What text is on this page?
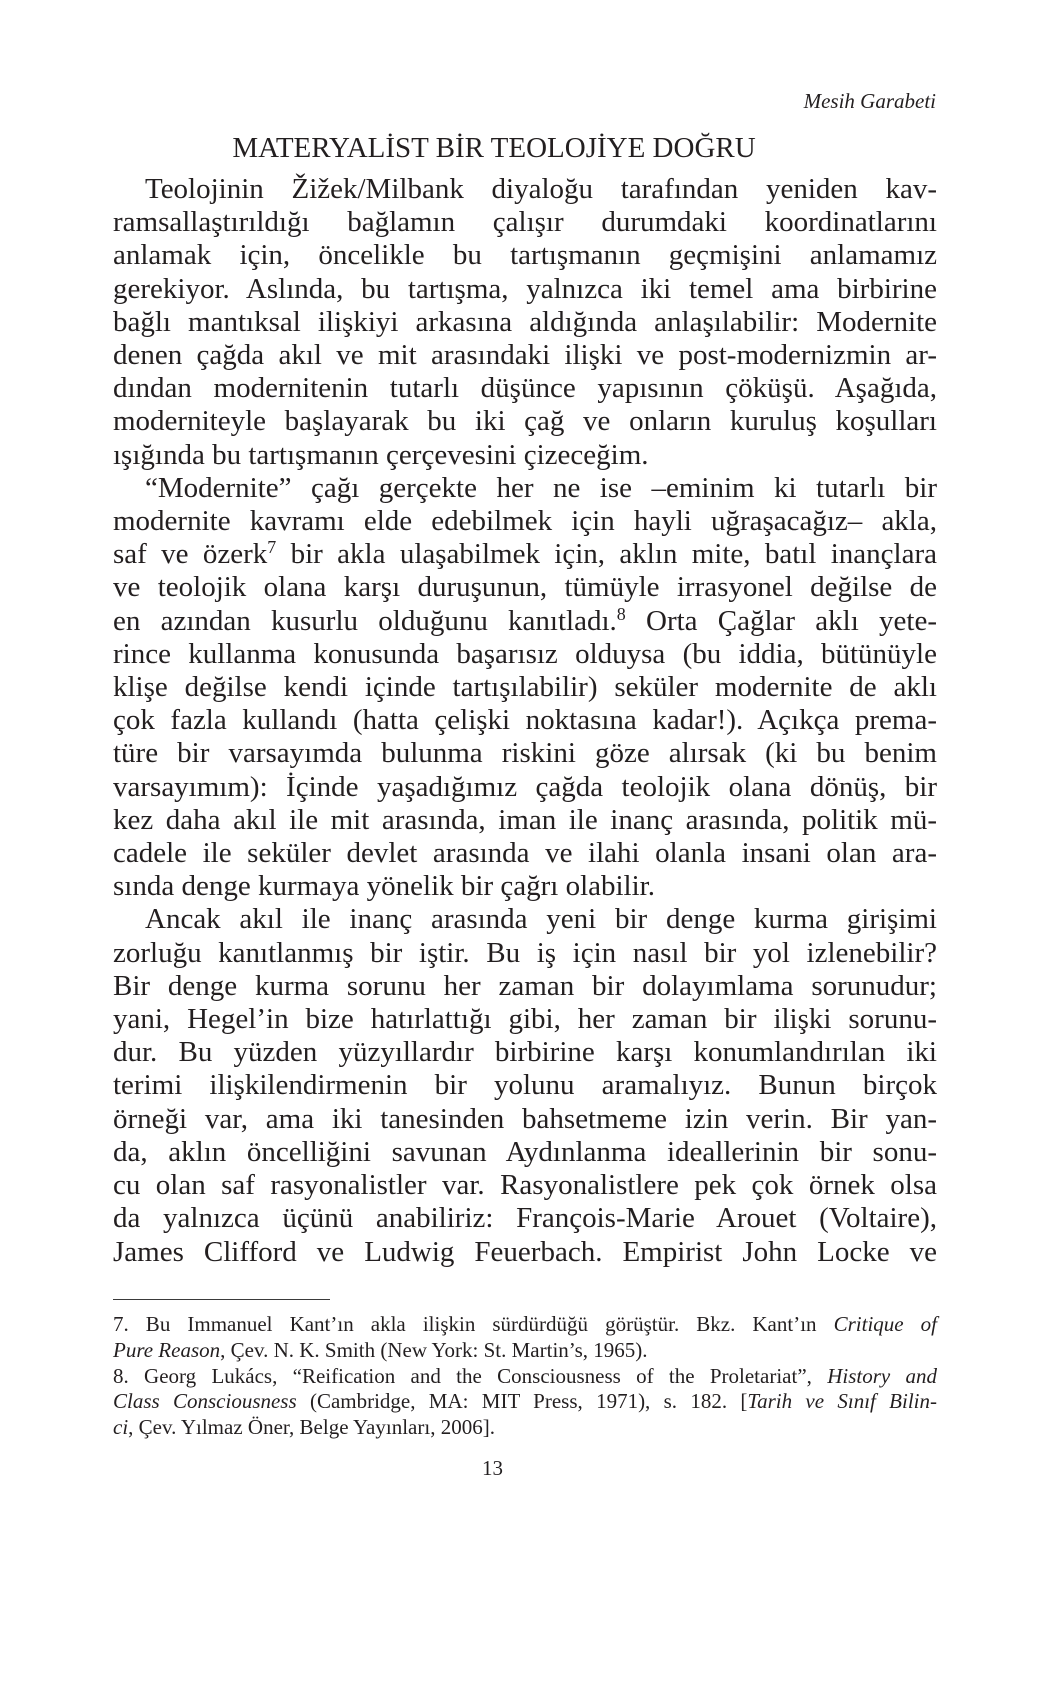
Mesih Garabeti
MATERYALİST BİR TEOLOJİYE DOĞRU
Teolojinin Žižek/Milbank diyaloğu tarafından yeniden kav-
ramsallaştırıldığı bağlamın çalışır durumdaki koordinatlarını
anlamak için, öncelikle bu tartışmanın geçmişini anlamamız
gerekiyor. Aslında, bu tartışma, yalnızca iki temel ama birbirine
bağlı mantıksal ilişkiyi arkasına aldığında anlaşılabilir: Modernite
denen çağda akıl ve mit arasındaki ilişki ve post-modernizmin ar-
dından modernitenin tutarlı düşünce yapısının çöküşü. Aşağıda,
moderniteyle başlayarak bu iki çağ ve onların kuruluş koşulları
ışığında bu tartışmanın çerçevesini çizeceğim.
“Modernite” çağı gerçekte her ne ise –eminim ki tutarlı bir
modernite kavramı elde edebilmek için hayli uğraşacağız– akla,
saf ve özerk$^7$ bir akla ulaşabilmek için, aklın mite, batıl inançlara
ve teolojik olana karşı duruşunun, tümüyle irrasyonel değilse de
en azından kusurlu olduğunu kanıtladı.$^8$ Orta Çağlar aklı yete-
rince kullanma konusunda başarısız olduysa (bu iddia, bütünüyle
klişe değilse kendi içinde tartışılabilir) seküler modernite de aklı
çok fazla kullandı (hatta çelişki noktasına kadar!). Açıkça prema-
türe bir varsayımda bulunma riskini göze alırsak (ki bu benim
varsayımım): İçinde yaşadığımız çağda teolojik olana dönüş, bir
kez daha akıl ile mit arasında, iman ile inanç arasında, politik mü-
cadele ile seküler devlet arasında ve ilahi olanla insani olan ara-
sında denge kurmaya yönelik bir çağrı olabilir.
Ancak akıl ile inanç arasında yeni bir denge kurma girişimi
zorluğu kanıtlanmış bir iştir. Bu iş için nasıl bir yol izlenebilir?
Bir denge kurma sorunu her zaman bir dolayımlama sorunudur;
yani, Hegel’in bize hatırlattığı gibi, her zaman bir ilişki sorunu-
dur. Bu yüzden yüzyıllardır birbirine karşı konumlandırılan iki
terimi ilişkilendirmenin bir yolunu aramalıyız. Bunun birçok
örneği var, ama iki tanesinden bahsetmeme izin verin. Bir yan-
da, aklın öncelliğini savunan Aydınlanma ideallerinin bir sonu-
cu olan saf rasyonalistler var. Rasyonalistlere pek çok örnek olsa
da yalnızca üçünü anabiliriz: François-Marie Arouet (Voltaire),
James Clifford ve Ludwig Feuerbach. Empirist John Locke ve
7. Bu Immanuel Kant’ın akla ilişkin sürdürdüğü görüştür. Bkz. Kant’ın Critique of
Pure Reason, Çev. N. K. Smith (New York: St. Martin’s, 1965).
8. Georg Lukács, “Reification and the Consciousness of the Proletariat”, History and
Class Consciousness (Cambridge, MA: MIT Press, 1971), s. 182. [Tarih ve Sınıf Bilin-
ci, Çev. Yılmaz Öner, Belge Yayınları, 2006].
13
